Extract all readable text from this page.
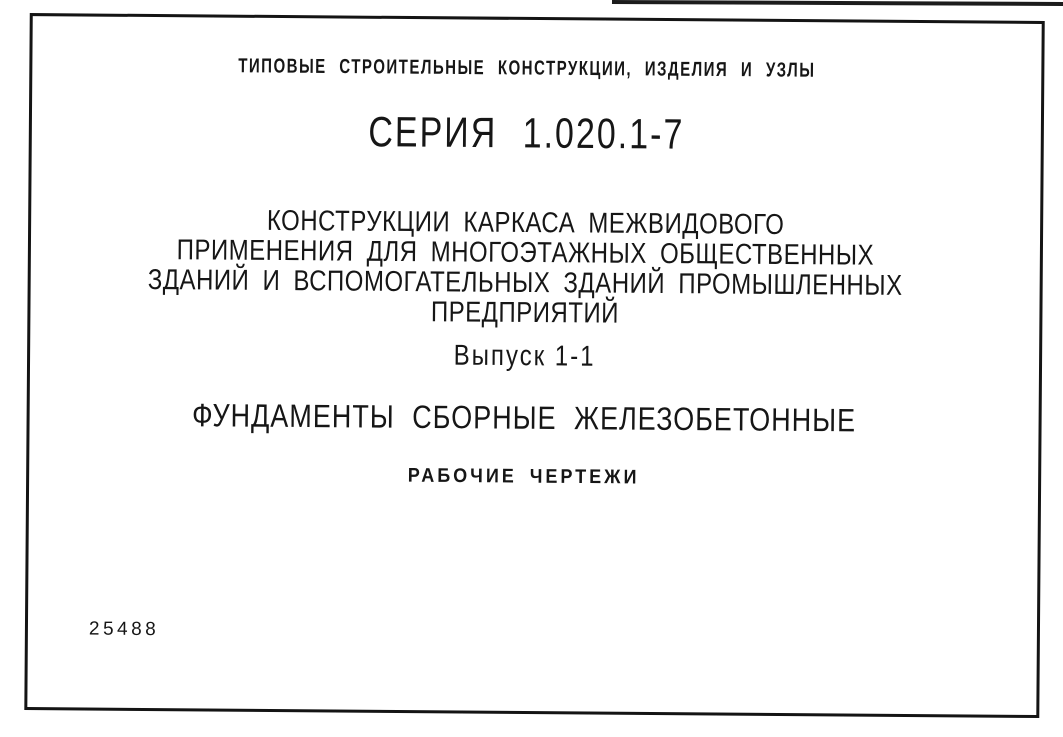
ТИПОВЫЕ СТРОИТЕЛЬНЫЕ КОНСТРУКЦИИ, ИЗДЕЛИЯ И УЗЛЫ
СЕРИЯ 1.020.1-7
КОНСТРУКЦИИ КАРКАСА МЕЖВИДОВОГО
ПРИМЕНЕНИЯ ДЛЯ МНОГОЭТАЖНЫХ ОБЩЕСТВЕННЫХ
ЗДАНИЙ И ВСПОМОГАТЕЛЬНЫХ ЗДАНИЙ ПРОМЫШЛЕННЫХ
ПРЕДПРИЯТИЙ
Выпуск 1-1
ФУНДАМЕНТЫ СБОРНЫЕ ЖЕЛЕЗОБЕТОННЫЕ
РАБОЧИЕ ЧЕРТЕЖИ
25488
